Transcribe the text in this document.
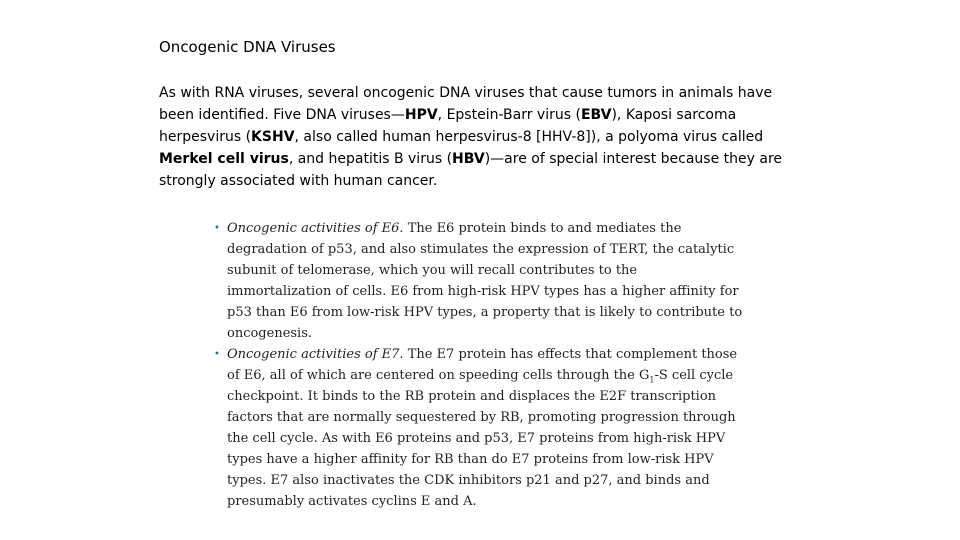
Oncogenic DNA Viruses
As with RNA viruses, several oncogenic DNA viruses that cause tumors in animals have
been identified. Five DNA viruses—HPV, Epstein-Barr virus (EBV), Kaposi sarcoma
herpesvirus (KSHV, also called human herpesvirus-8 [HHV-8]), a polyoma virus called
Merkel cell virus, and hepatitis B virus (HBV)—are of special interest because they are
strongly associated with human cancer.
• Oncogenic activities of E6. The E6 protein binds to and mediates the
degradation of p53, and also stimulates the expression of TERT, the catalytic
subunit of telomerase, which you will recall contributes to the
immortalization of cells. E6 from high-risk HPV types has a higher affinity for
p53 than E6 from low-risk HPV types, a property that is likely to contribute to
oncogenesis.
• Oncogenic activities of E7. The E7 protein has effects that complement those
of E6, all of which are centered on speeding cells through the $G_1-S$ cell cycle
checkpoint. It binds to the RB protein and displaces the E2F transcription
factors that are normally sequestered by RB, promoting progression through
the cell cycle. As with E6 proteins and p53, E7 proteins from high-risk HPV
types have a higher affinity for RB than do E7 proteins from low-risk HPV
types. E7 also inactivates the CDK inhibitors p21 and p27, and binds and
presumably activates cyclins E and A.
